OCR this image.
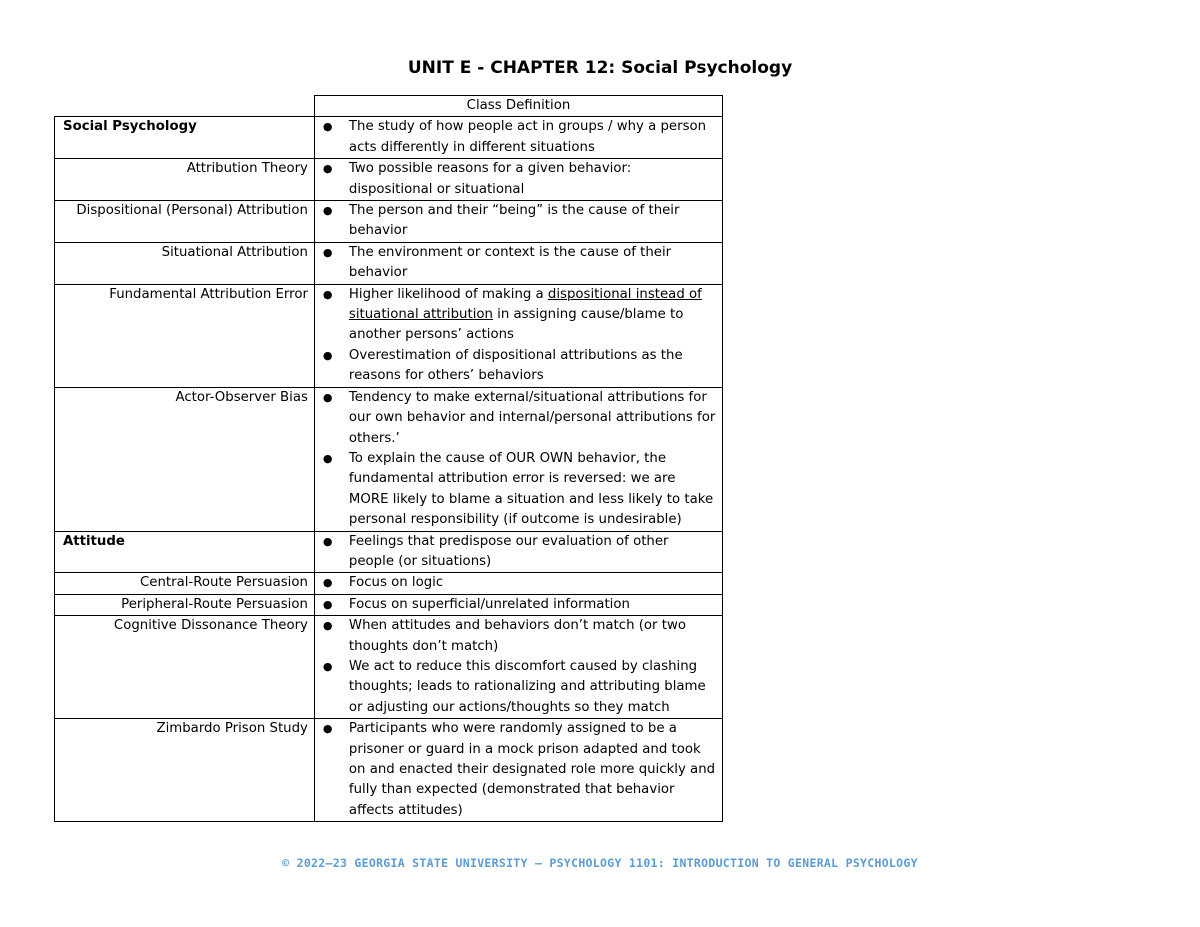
UNIT E - CHAPTER 12: Social Psychology
	Class Definition
Social Psychology	● The study of how people act in groups / why a person acts differently in different situations

Attribution Theory	● Two possible reasons for a given behavior: dispositional or situational

Dispositional (Personal) Attribution	● The person and their “being” is the cause of their behavior

Situational Attribution	● The environment or context is the cause of their behavior

Fundamental Attribution Error	● Higher likelihood of making a dispositional instead of situational attribution in assigning cause/blame to another persons’ actions
● Overestimation of dispositional attributions as the reasons for others’ behaviors

Actor-Observer Bias	● Tendency to make external/situational attributions for our own behavior and internal/personal attributions for others.’
● To explain the cause of OUR OWN behavior, the fundamental attribution error is reversed: we are MORE likely to blame a situation and less likely to take personal responsibility (if outcome is undesirable)

Attitude	● Feelings that predispose our evaluation of other people (or situations)

Central-Route Persuasion	● Focus on logic

Peripheral-Route Persuasion	● Focus on superficial/unrelated information

Cognitive Dissonance Theory	● When attitudes and behaviors don’t match (or two thoughts don’t match)
● We act to reduce this discomfort caused by clashing thoughts; leads to rationalizing and attributing blame or adjusting our actions/thoughts so they match

Zimbardo Prison Study	● Participants who were randomly assigned to be a prisoner or guard in a mock prison adapted and took on and enacted their designated role more quickly and fully than expected (demonstrated that behavior affects attitudes)
© 2022–23 GEORGIA STATE UNIVERSITY – PSYCHOLOGY 1101: INTRODUCTION TO GENERAL PSYCHOLOGY
